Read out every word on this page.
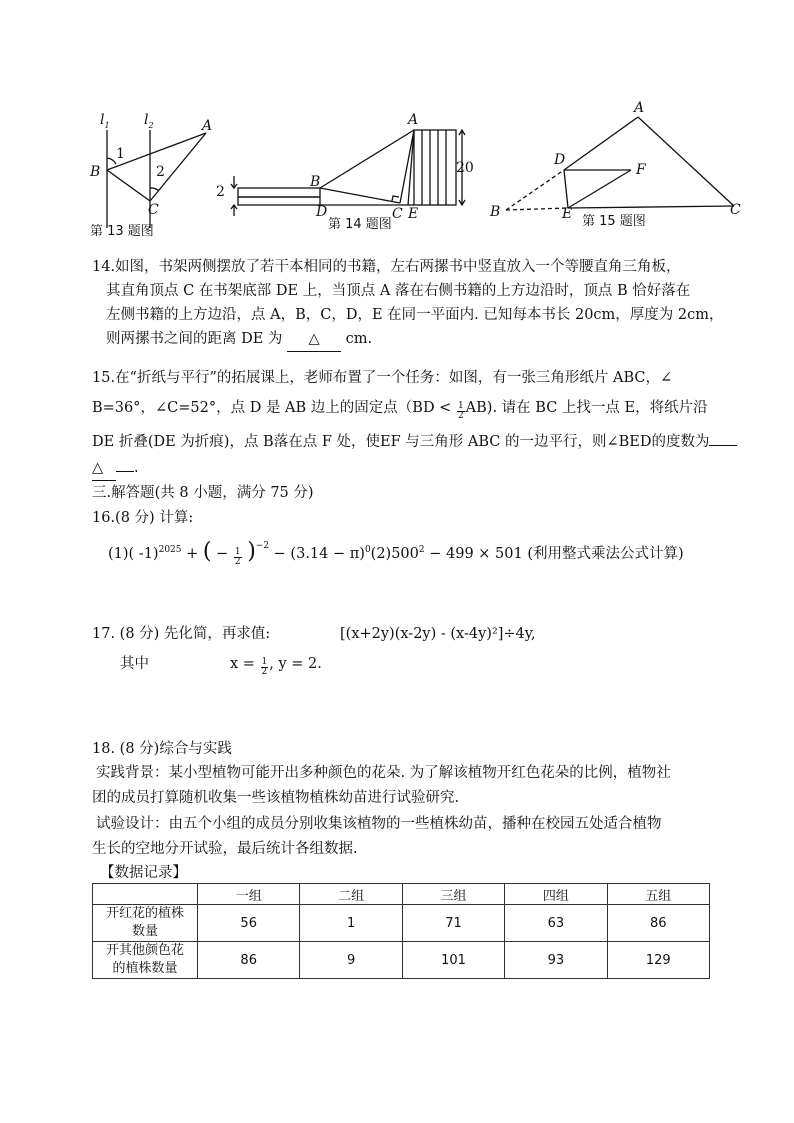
$l_1$ $l_2$	A
B
C
1
2
第 13 题图
A
B
C
D	E
2
20
第 14 题图
A
B	C
D
E
F
第 15 题图
14.如图，书架两侧摆放了若干本相同的书籍，左右两摞书中竖直放入一个等腰直角三角板，
其直角顶点 C 在书架底部 DE 上，当顶点 A 落在右侧书籍的上方边沿时，顶点 B 恰好落在
左侧书籍的上方边沿，点 A，B，C，D，E 在同一平面内. 已知每本书长 20cm，厚度为 2cm，
则两摞书之间的距离 DE 为 △ cm.
15.在“折纸与平行”的拓展课上，老师布置了一个任务：如图，有一张三角形纸片 ABC，∠
B=36°，∠C=52°，点 D 是 AB 边上的固定点$(BD < \frac{1}{2} AB)$. 请在 BC 上找一点 E，将纸片沿
DE 折叠(DE 为折痕)，点 B落在点 F 处，使EF 与三角形 ABC 的一边平行，则∠BED的度数为
△ .
三.解答题(共 8 小题，满分 75 分)
16.(8 分) 计算:
(1)( -1)$^{2025}$ + ( − $\frac{1}{2} )^{-2} - (3.14 - \pi)^0(2)500^2 - 499 \times 501$ (利用整式乘法公式计算)
17. (8 分) 先化简，再求值:	[(x+2y)(x-2y) - (x-4y)²]÷4y,
其中	$x = \frac{1}{2}$ , y = 2.
18. (8 分)综合与实践
实践背景：某小型植物可能开出多种颜色的花朵. 为了解该植物开红色花朵的比例，植物社
团的成员打算随机收集一些该植物植株幼苗进行试验研究.
试验设计：由五个小组的成员分别收集该植物的一些植株幼苗，播种在校园五处适合植物
生长的空地分开试验，最后统计各组数据.
【数据记录】
	一组	二组	三组	四组	五组
开红花的植株
数量	56	1	71	63	86
开其他颜色花
的植株数量	86	9	101	93	129
